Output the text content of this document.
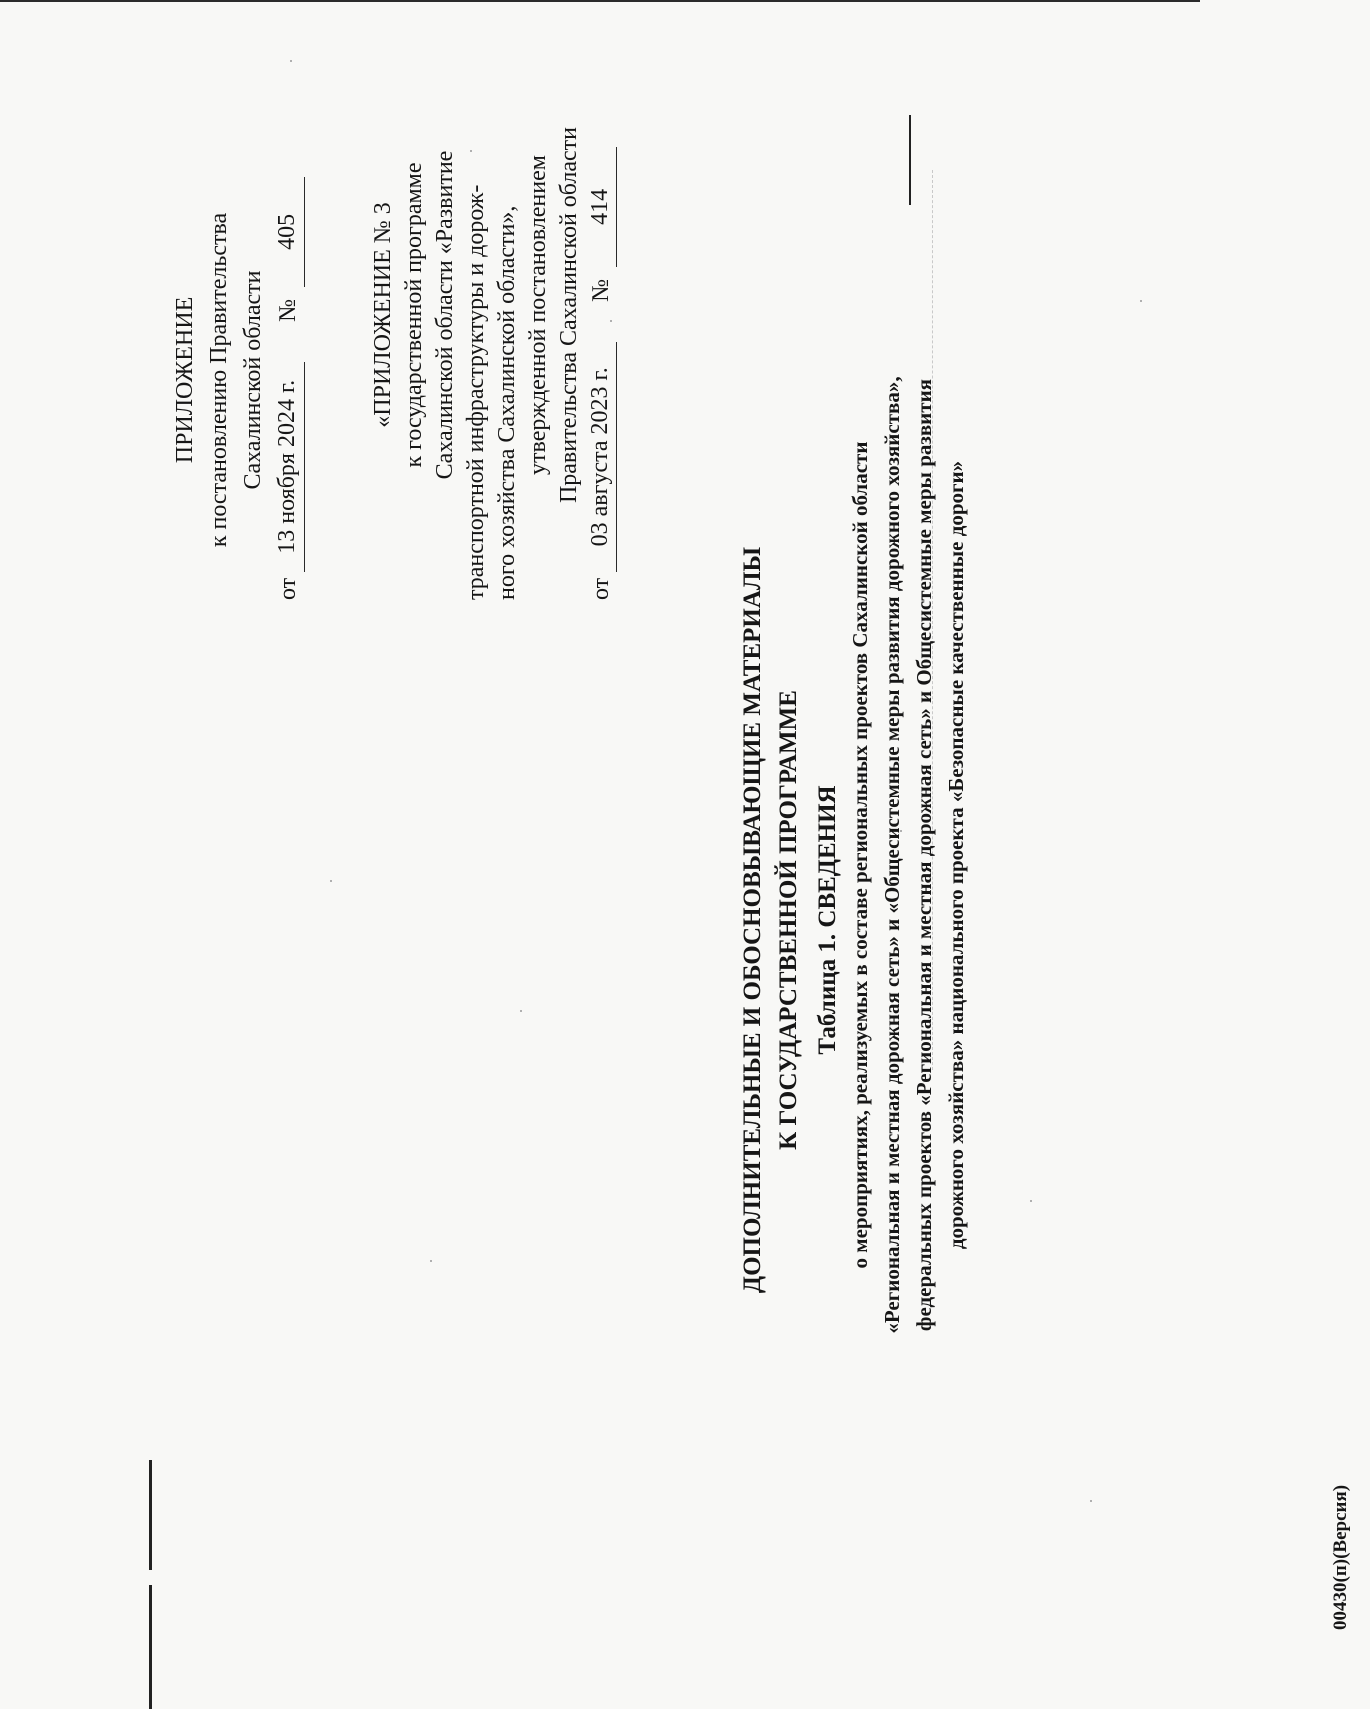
ПРИЛОЖЕНИЕ к постановлению Правительства Сахалинской области
от
13 ноября 2024 г.
№
405	«ПРИЛОЖЕНИЕ № 3 к государственной программе Сахалинской области «Развитие транспортной инфраструктуры и дорож- ного хозяйства Сахалинской области», утвержденной постановлением Правительства Сахалинской области
от
03 августа 2023 г.
№
414
ДОПОЛНИТЕЛЬНЫЕ И ОБОСНОВЫВАЮЩИЕ МАТЕРИАЛЫ К ГОСУДАРСТВЕННОЙ ПРОГРАММЕ Таблица 1. СВЕДЕНИЯ о мероприятиях, реализуемых в составе региональных проектов Сахалинской области «Региональная и местная дорожная сеть» и «Общесистемные меры развития дорожного хозяйства», федеральных проектов «Региональная и местная дорожная сеть» и Общесистемные меры развития дорожного хозяйства» национального проекта «Безопасные качественные дороги»
00430(п)(Версия)
